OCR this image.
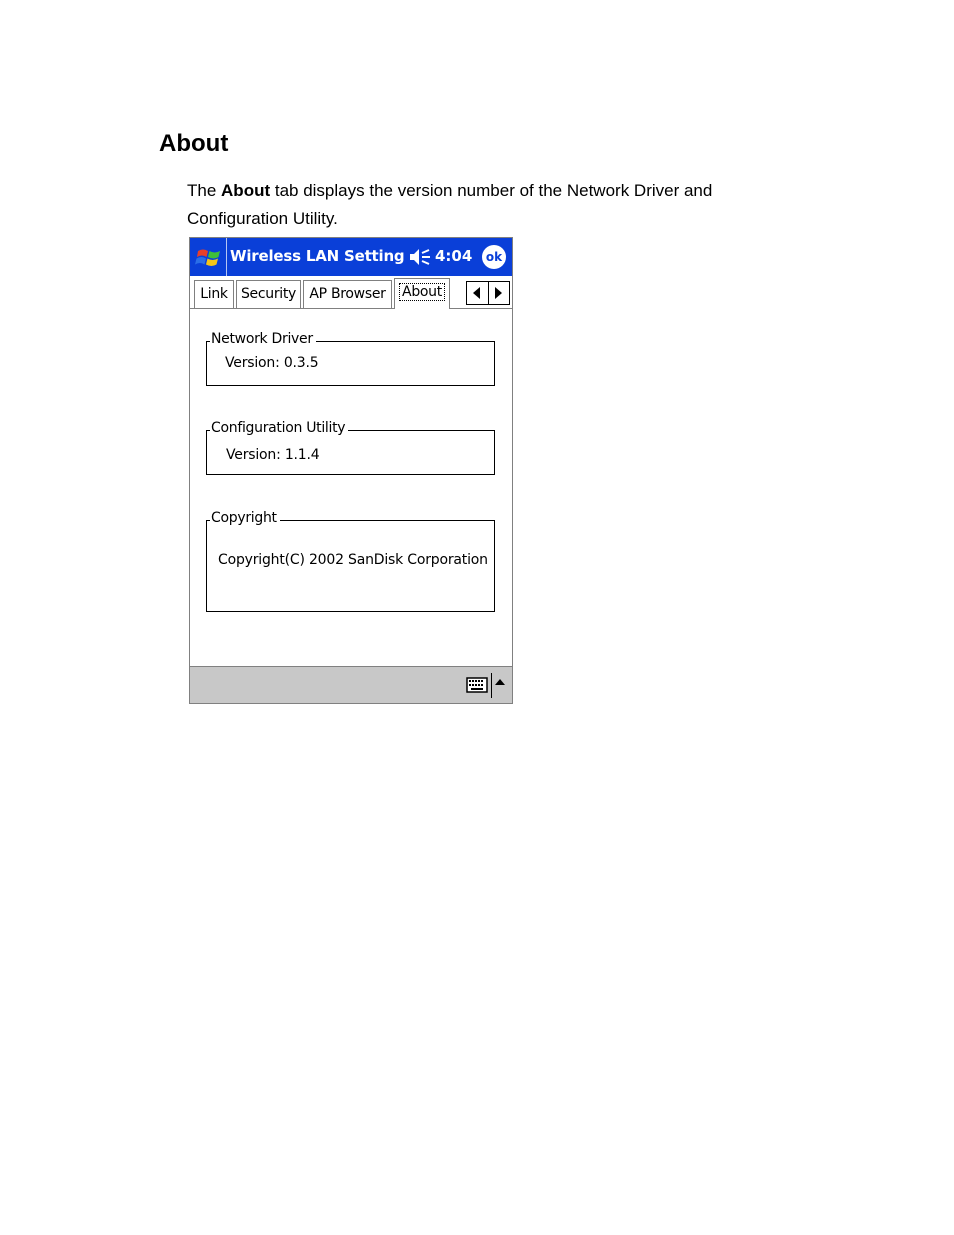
About

The About tab displays the version number of the Network Driver and Configuration Utility.

Wireless LAN Setting 4:04	ok
Link Security AP Browser	About
Network Driver
Version: 0.3.5
Configuration Utility
Version: 1.1.4
Copyright
Copyright(C) 2002 SanDisk Corporation
